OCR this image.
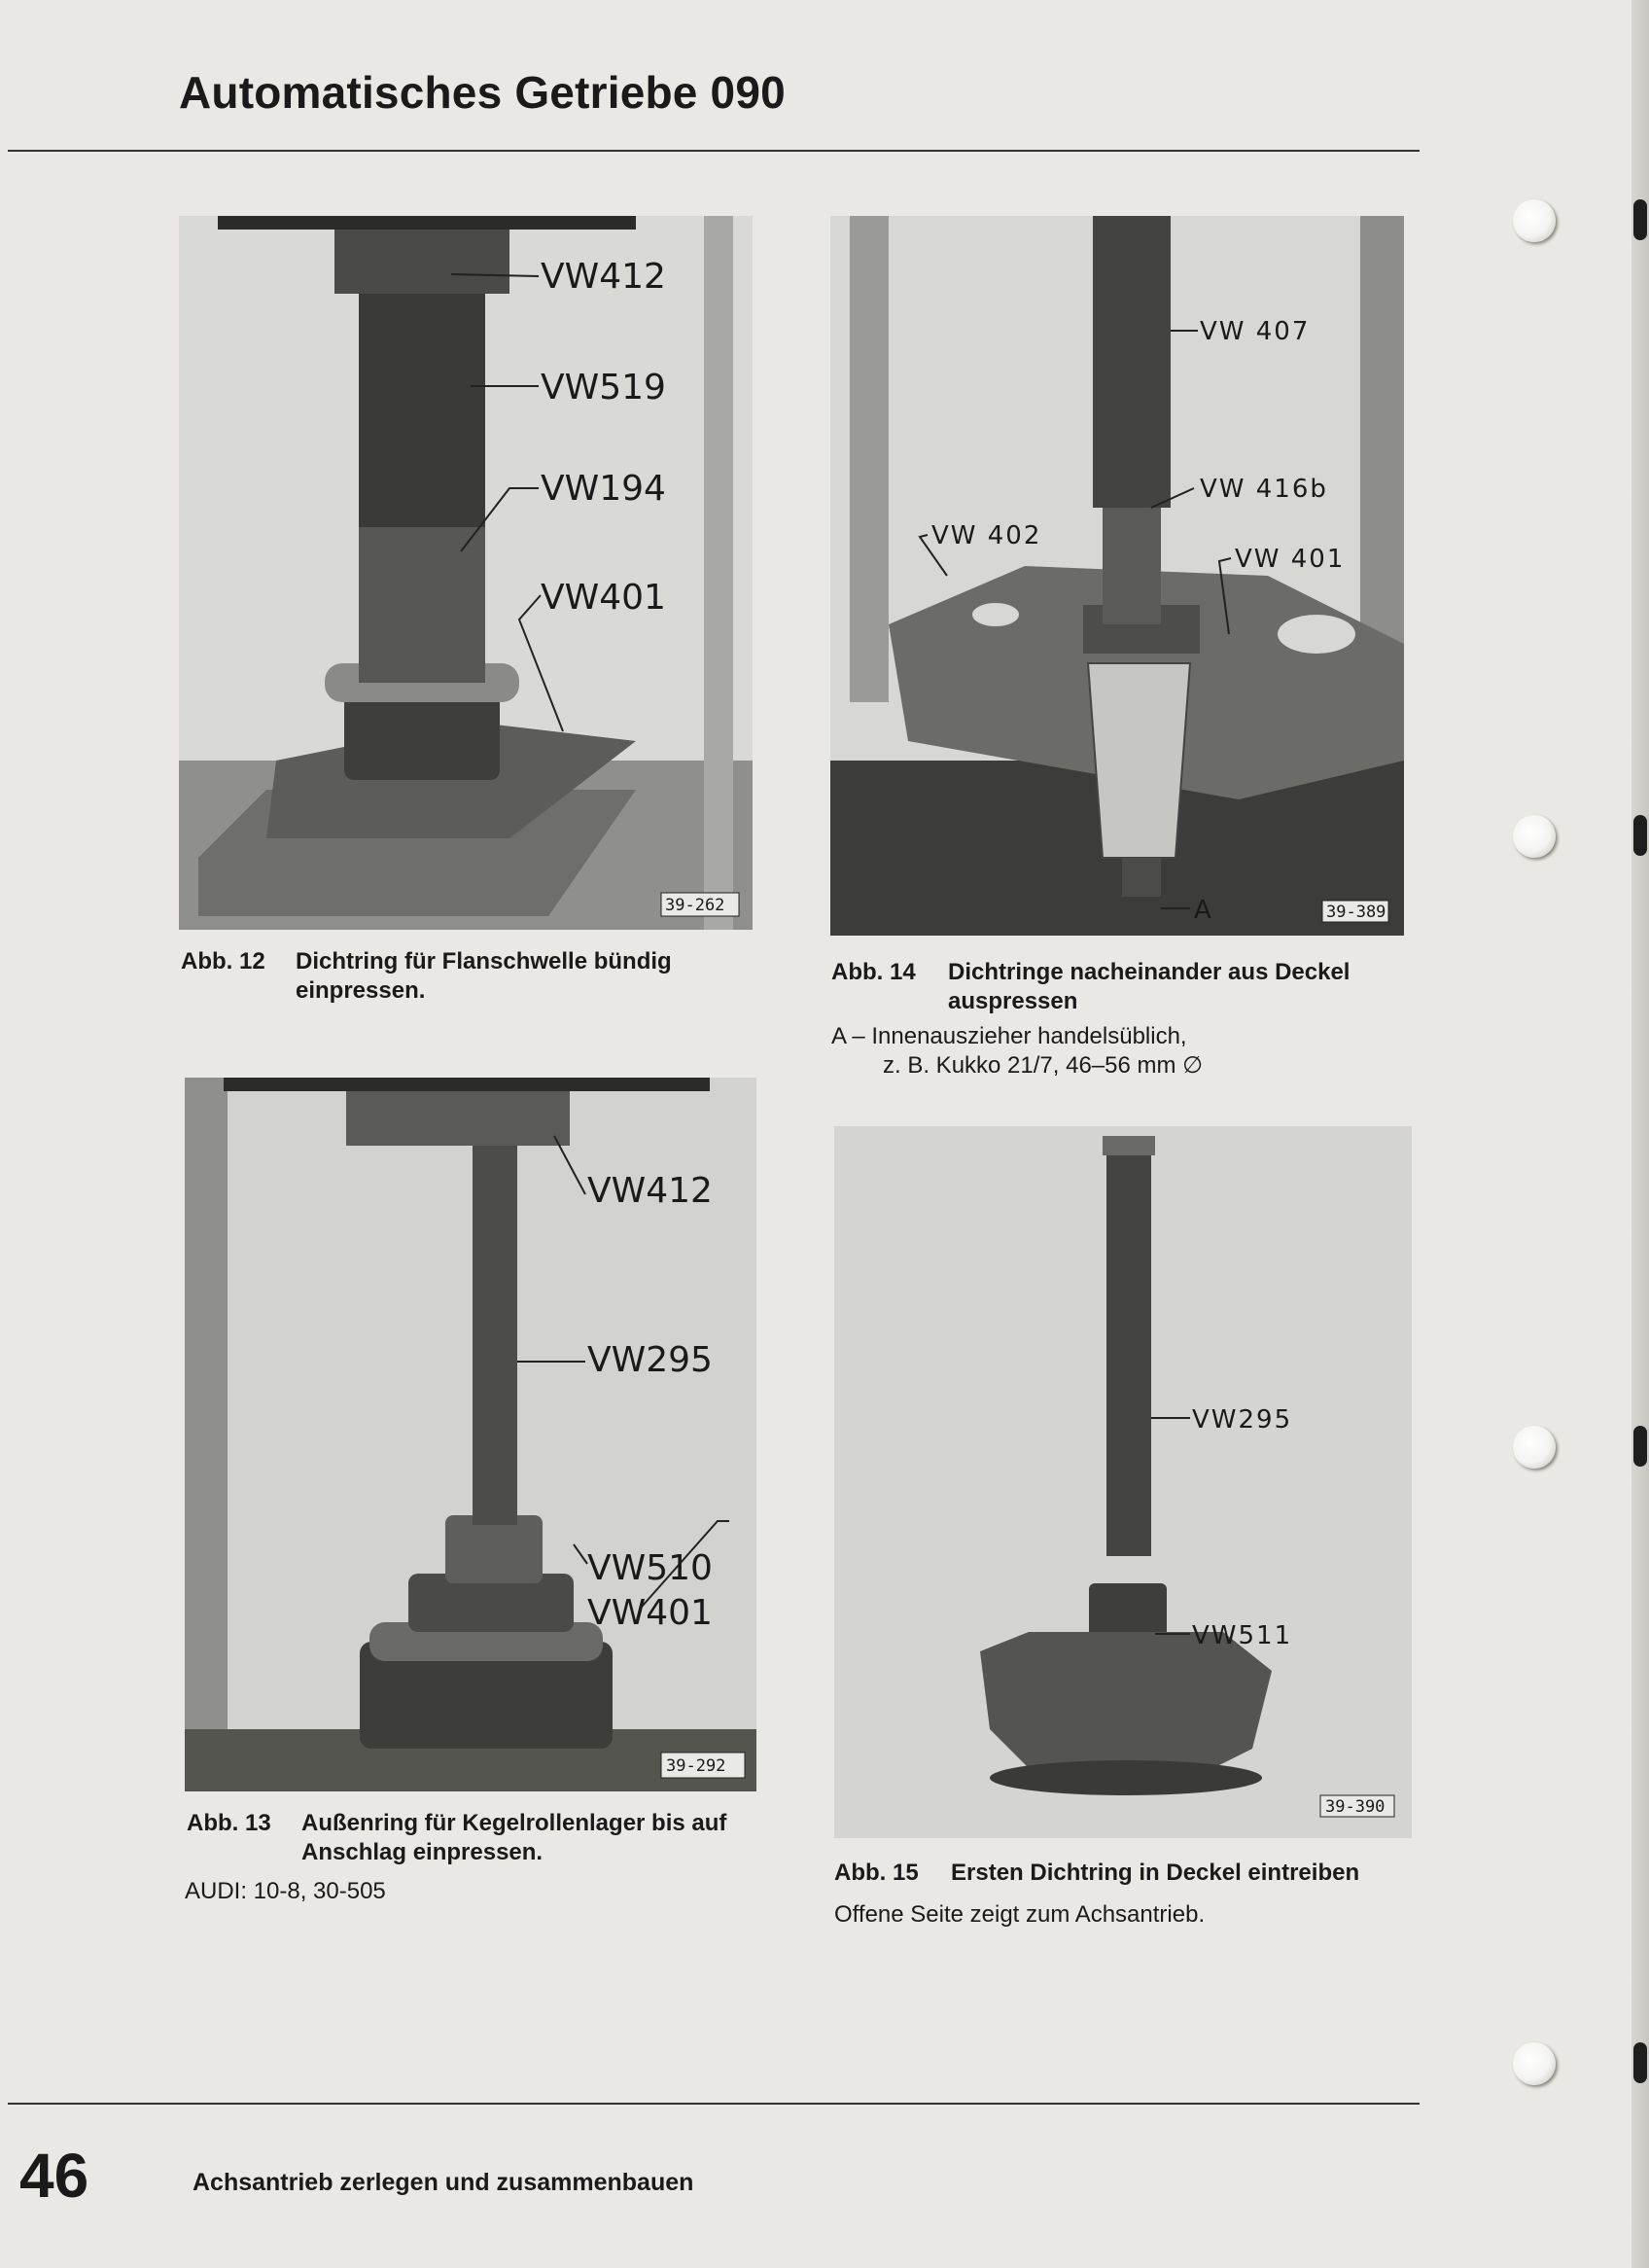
Automatisches Getriebe 090
VW412
VW519
VW194
VW401
39-262
Abb. 12 Dichtring für Flanschwelle bündig einpressen.
VW 407
VW 416b
VW 402
VW 401
A	39-389
Abb. 14 Dichtringe nacheinander aus Deckel auspressen
A – Innenauszieher handelsüblich,
z. B. Kukko 21/7, 46–56 mm ∅
VW412
VW295
VW510
VW401
39-292
Abb. 13 Außenring für Kegelrollenlager bis auf Anschlag einpressen.
AUDI: 10-8, 30-505
VW295
VW511
39-390
Abb. 15 Ersten Dichtring in Deckel eintreiben
Offene Seite zeigt zum Achsantrieb.
46	Achsantrieb zerlegen und zusammenbauen
